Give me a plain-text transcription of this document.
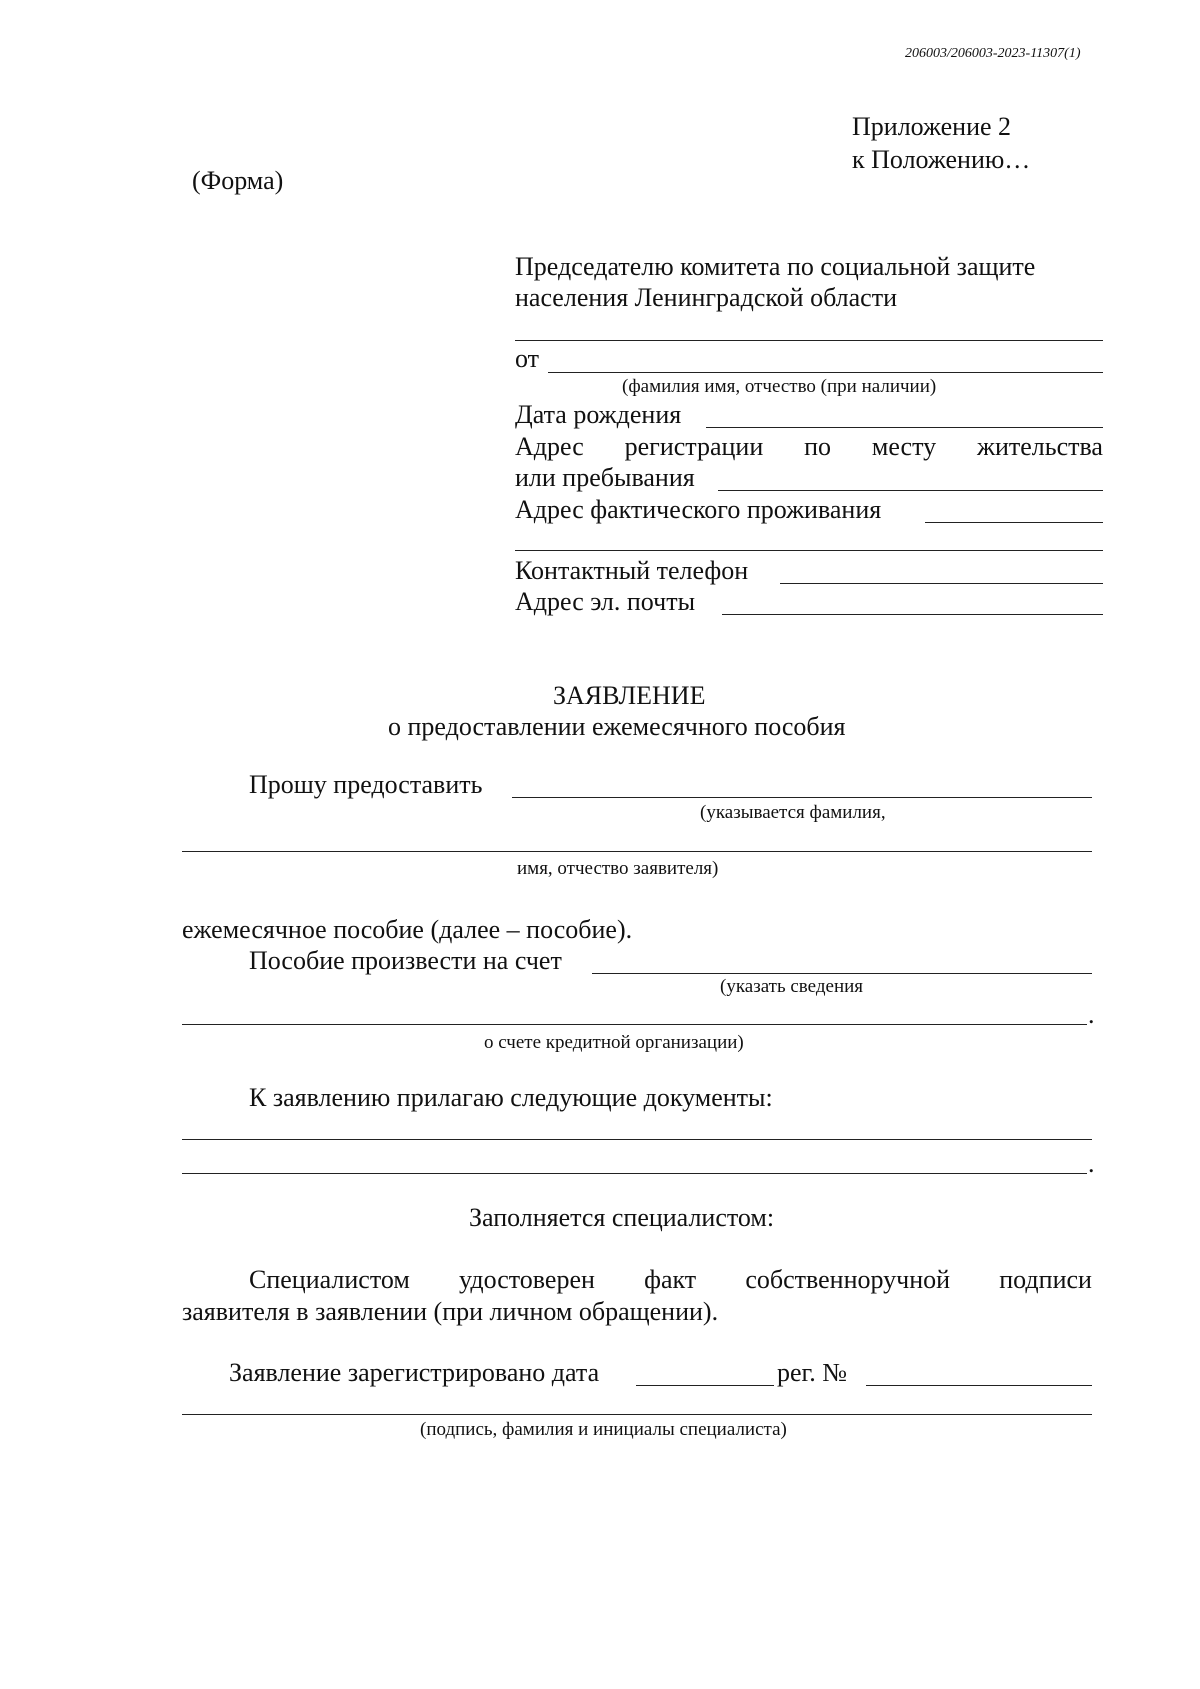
206003/206003-2023-11307(1)
Приложение 2
к Положению…
(Форма)
Председателю комитета по социальной защите
населения Ленинградской области
от
(фамилия имя, отчество (при наличии)
Дата рождения
Адрес регистрации по месту жительства
или пребывания
Адрес фактического проживания
Контактный телефон
Адрес эл. почты
ЗАЯВЛЕНИЕ
о предоставлении ежемесячного пособия
Прошу предоставить
(указывается фамилия,
имя, отчество заявителя)
ежемесячное пособие (далее – пособие).
Пособие произвести на счет
(указать сведения
.
о счете кредитной организации)
К заявлению прилагаю следующие документы:
.
Заполняется специалистом:
Специалистом удостоверен факт собственноручной подписи
заявителя в заявлении (при личном обращении).
Заявление зарегистрировано дата	рег. №
(подпись, фамилия и инициалы специалиста)
